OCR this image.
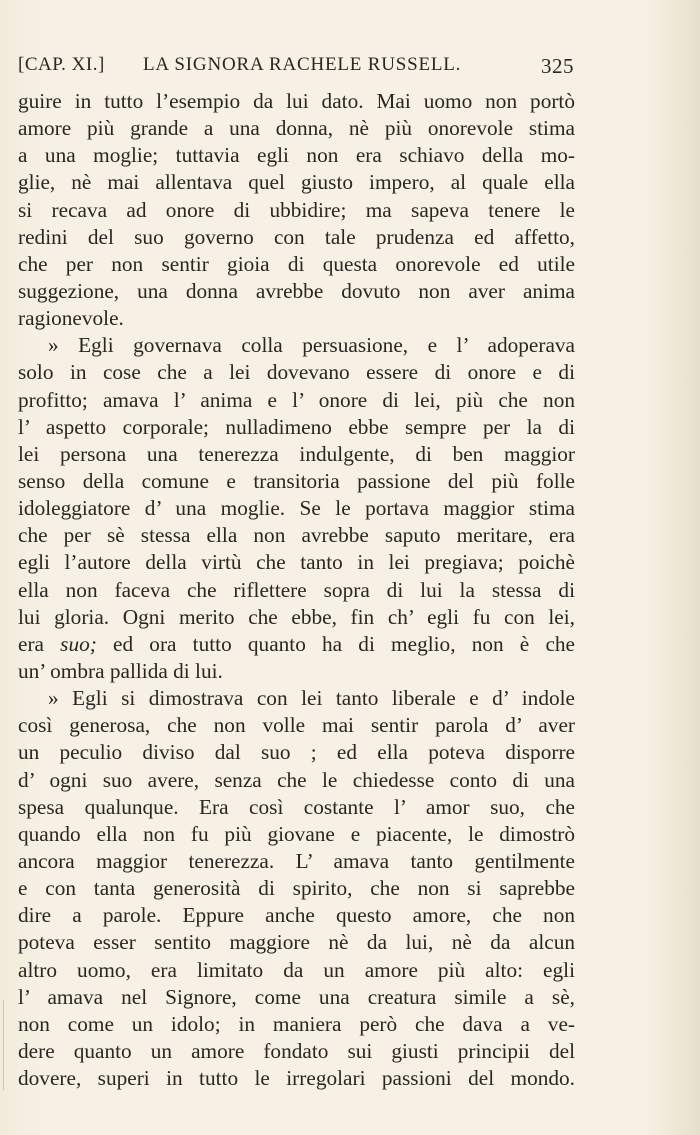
[CAP. XI.] LA SIGNORA RACHELE RUSSELL.	325
guire in tutto l’esempio da lui dato. Mai uomo non portò
amore più grande a una donna, nè più onorevole stima
a una moglie; tuttavia egli non era schiavo della mo-
glie, nè mai allentava quel giusto impero, al quale ella
si recava ad onore di ubbidire; ma sapeva tenere le
redini del suo governo con tale prudenza ed affetto,
che per non sentir gioia di questa onorevole ed utile
suggezione, una donna avrebbe dovuto non aver anima
ragionevole.
» Egli governava colla persuasione, e l’ adoperava
solo in cose che a lei dovevano essere di onore e di
profitto; amava l’ anima e l’ onore di lei, più che non
l’ aspetto corporale; nulladimeno ebbe sempre per la di
lei persona una tenerezza indulgente, di ben maggior
senso della comune e transitoria passione del più folle
idoleggiatore d’ una moglie. Se le portava maggior stima
che per sè stessa ella non avrebbe saputo meritare, era
egli l’autore della virtù che tanto in lei pregiava; poichè
ella non faceva che riflettere sopra di lui la stessa di
lui gloria. Ogni merito che ebbe, fin ch’ egli fu con lei,
era suo; ed ora tutto quanto ha di meglio, non è che
un’ ombra pallida di lui.
» Egli si dimostrava con lei tanto liberale e d’ indole
così generosa, che non volle mai sentir parola d’ aver
un peculio diviso dal suo ; ed ella poteva disporre
d’ ogni suo avere, senza che le chiedesse conto di una
spesa qualunque. Era così costante l’ amor suo, che
quando ella non fu più giovane e piacente, le dimostrò
ancora maggior tenerezza. L’ amava tanto gentilmente
e con tanta generosità di spirito, che non si saprebbe
dire a parole. Eppure anche questo amore, che non
poteva esser sentito maggiore nè da lui, nè da alcun
altro uomo, era limitato da un amore più alto: egli
l’ amava nel Signore, come una creatura simile a sè,
non come un idolo; in maniera però che dava a ve-
dere quanto un amore fondato sui giusti principii del
dovere, superi in tutto le irregolari passioni del mondo.
